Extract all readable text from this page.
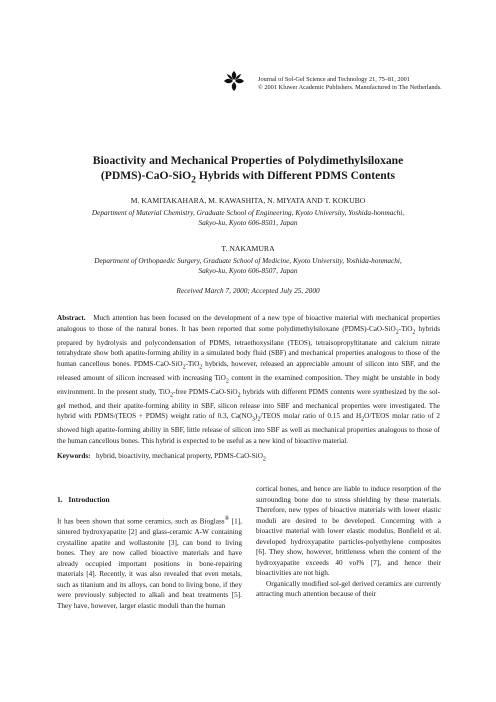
Journal of Sol-Gel Science and Technology 21, 75–81, 2001
© 2001 Kluwer Academic Publishers. Manufactured in The Netherlands.
Bioactivity and Mechanical Properties of Polydimethylsiloxane
(PDMS)-CaO-SiO$_2$ Hybrids with Different PDMS Contents
M. KAMITAKAHARA, M. KAWASHITA, N. MIYATA AND T. KOKUBO
Department of Material Chemistry, Graduate School of Engineering, Kyoto University, Yoshida-honmachi,
Sakyo-ku, Kyoto 606-8501, Japan
T. NAKAMURA
Department of Orthopaedic Surgery, Graduate School of Medicine, Kyoto University, Yoshida-honmachi,
Sakyo-ku, Kyoto 606-8507, Japan
Received March 7, 2000; Accepted July 25, 2000
Abstract. Much attention has been focused on the development of a new type of bioactive material with mechanical properties analogous to those of the natural bones. It has been reported that some polydimethylsiloxane (PDMS)-CaO-SiO$_2$-TiO$_2$ hybrids prepared by hydrolysis and polycondensation of PDMS, tetraethoxysilane (TEOS), tetraisopropyltitanate and calcium nitrate tetrahydrate show both apatite-forming ability in a simulated body fluid (SBF) and mechanical properties analogous to those of the human cancellous bones. PDMS-CaO-SiO$_2$-TiO$_2$ hybrids, however, released an appreciable amount of silicon into SBF, and the released amount of silicon increased with increasing TiO$_2$ content in the examined composition. They might be unstable in body environment. In the present study, TiO$_2$-free PDMS-CaO-SiO$_2$ hybrids with different PDMS contents were synthesized by the sol-gel method, and their apatite-forming ability in SBF, silicon release into SBF and mechanical properties were investigated. The hybrid with PDMS/(TEOS + PDMS) weight ratio of 0.3, $Ca(NO_3)_2$/TEOS molar ratio of 0.15 and $H_2O$/TEOS molar ratio of 2 showed high apatite-forming ability in SBF, little release of silicon into SBF as well as mechanical properties analogous to those of the human cancellous bones. This hybrid is expected to be useful as a new kind of bioactive material.
Keywords: hybrid, bioactivity, mechanical property, PDMS-CaO-SiO$_2$
1. Introduction

It has been shown that some ceramics, such as Bioglass® [1], sintered hydroxyapatite [2] and glass-ceramic A-W containing crystalline apatite and wollastonite [3], can bond to living bones. They are now called bioactive materials and have already occupied important positions in bone-repairing materials [4]. Recently, it was also revealed that even metals, such as titanium and its alloys, can bond to living bone, if they were previously subjected to alkali and heat treatments [5]. They have, however, larger elastic moduli than the human

cortical bones, and hence are liable to induce resorption of the surrounding bone due to stress shielding by these materials. Therefore, new types of bioactive materials with lower elastic moduli are desired to be developed. Concerning with a bioactive material with lower elastic modulus, Bonfield et al. developed hydroxyapatite particles-polyethylene composites [6]. They show, however, brittleness when the content of the hydroxyapatite exceeds 40 vol% [7], and hence their bioactivities are not high.

Organically modified sol-gel derived ceramics are currently attracting much attention because of their
